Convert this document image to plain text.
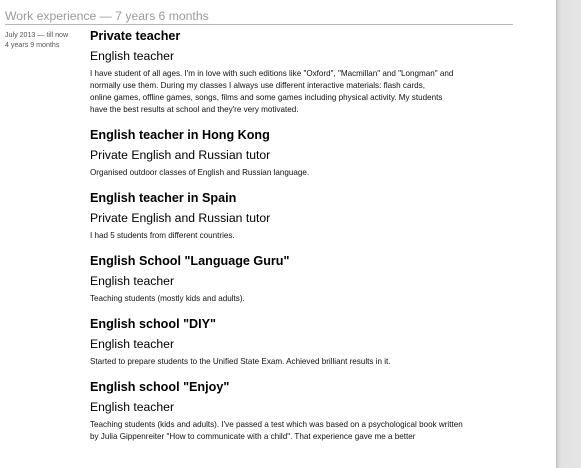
Work experience — 7 years 6 months
July 2013 — till now
4 years 9 months
Private teacher
English teacher
I have student of all ages. I'm in love with such editions like "Oxford", "Macmillan" and "Longman" and
normally use them. During my classes I always use different interactive materials: flash cards,
online games, offline games, songs, films and some games including physical activity. My students
have the best results at school and they're very motivated.
English teacher in Hong Kong
Private English and Russian tutor
Organised outdoor classes of English and Russian language.
English teacher in Spain
Private English and Russian tutor
I had 5 students from different countries.
English School "Language Guru"
English teacher
Teaching students (mostly kids and adults).
English school "DIY"
English teacher
Started to prepare students to the Unified State Exam. Achieved brilliant results in it.
English school "Enjoy"
English teacher
Teaching students (kids and adults). I've passed a test which was based on a psychological book written
by Julia Gippenreiter "How to communicate with a child". That experience gave me a better
